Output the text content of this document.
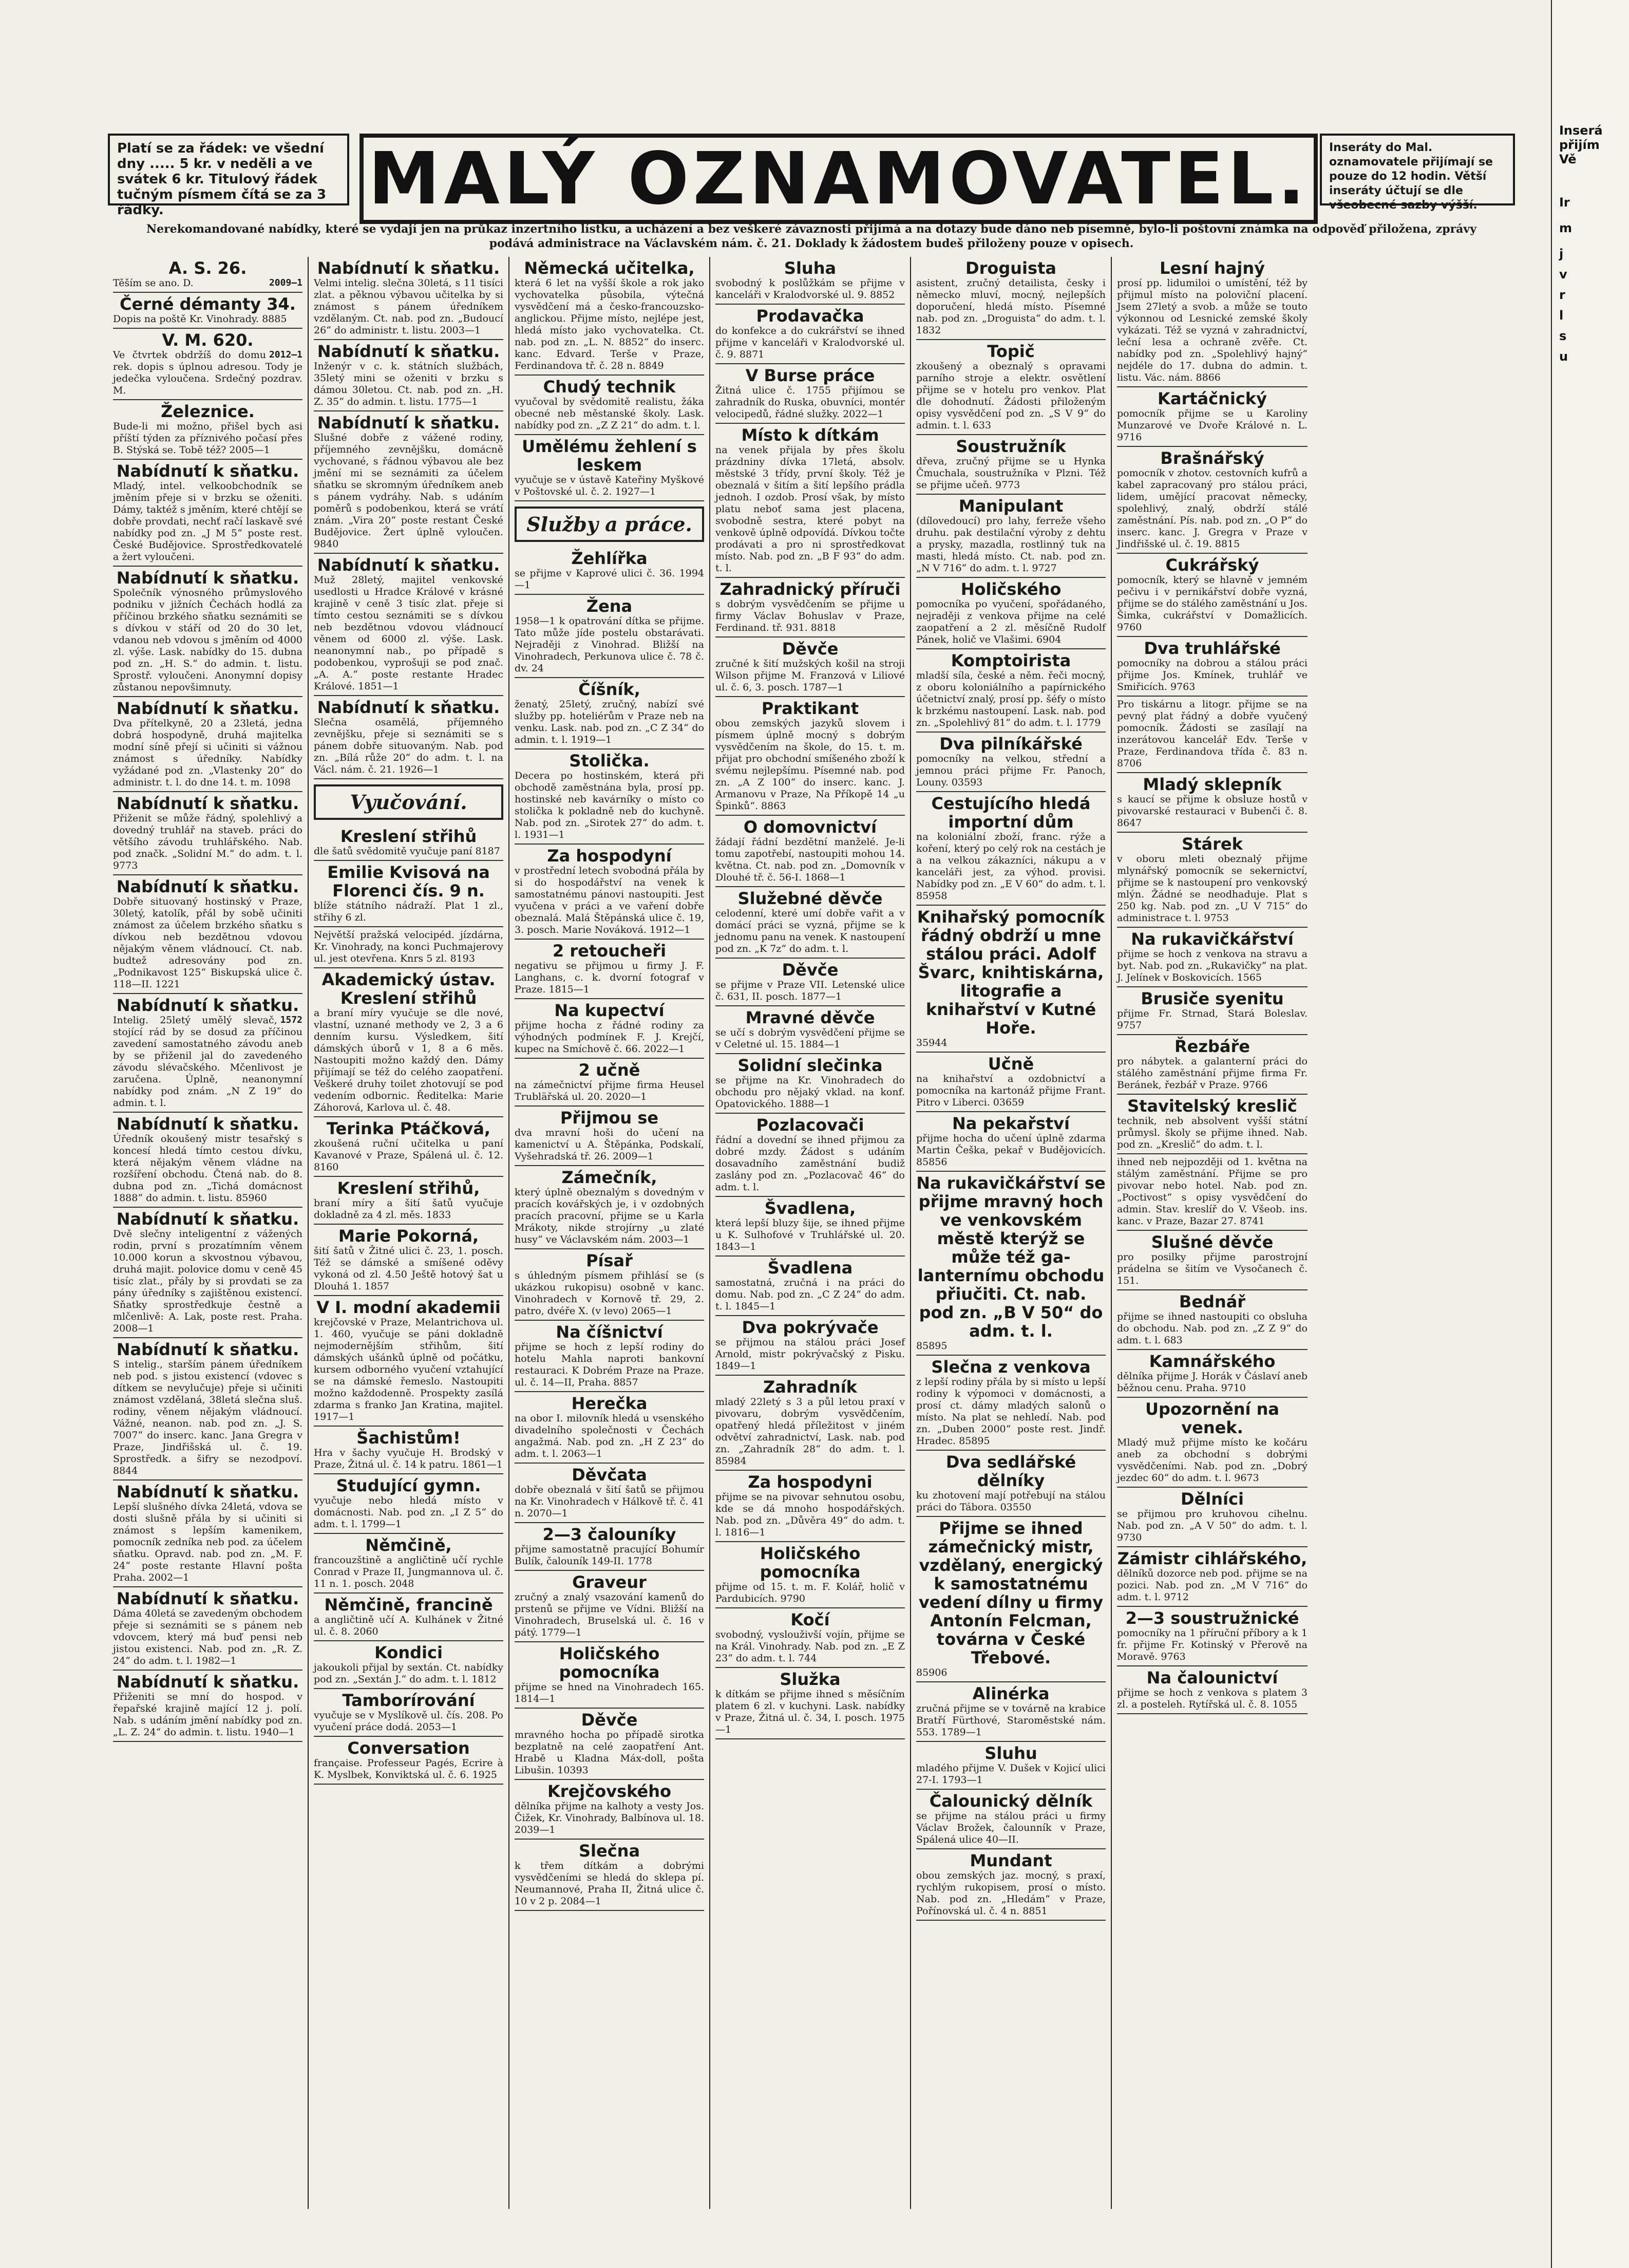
Inserá
přijím
Vě
Ir
m
j
v
r
l
s
u
Platí se za řádek: ve všední dny ..... 5 kr. v neděli a ve svátek 6 kr. Titulový řádek tučným písmem čítá se za 3 řádky.	MALÝ OZNAMOVATEL.	Inseráty do Mal. oznamovatele přijímají se pouze do 12 hodin. Větší inseráty účtují se dle všeobecné sazby výšší.
Nerekomandované nabídky, které se vydají jen na průkaz inzertního lístku, a ucházení a bez veškeré závaznosti přijímá a na dotazy bude dáno neb písemně, bylo-li poštovní známka na odpověď přiložena, zprávy podává administrace na Václavském nám. č. 21. Doklady k žádostem budeš přiloženy pouze v opisech.
A. S. 26.
2009—1

Těším se ano. D.

Černé démanty 34.

Dopis na poště Kr. Vinohrady. 8885

V. M. 620.
2012—1

Ve čtvrtek obdržíš do domu rek. dopis s úplnou adresou. Tody je jedečka vyloučena. Srdečný pozdrav. M.

Železnice.

Bude-li mi možno, přišel bych asi příští týden za příznivého počasí přes B. Stýská se. Tobě též? 2005—1

Nabídnutí k sňatku.

Mladý, intel. velkoobchodník se jměním přeje si v brzku se oženiti. Dámy, taktéž s jměním, které chtějí se dobře provdati, nechť račí laskavě své nabídky pod zn. „J M 5“ poste rest. České Budějovice. Sprostředkovatelé a žert vyloučeni.

Nabídnutí k sňatku.

Společník výnosného průmyslového podniku v jižních Čechách hodlá za příčinou brzkého sňatku seznámiti se s dívkou v stáří od 20 do 30 let, vdanou neb vdovou s jměním od 4000 zl. výše. Lask. nabídky do 15. dubna pod zn. „H. S.“ do admin. t. listu. Sprostř. vyloučeni. Anonymní dopisy zůstanou nepovšimnuty.

Nabídnutí k sňatku.

Dva přítelkyně, 20 a 23letá, jedna dobrá hospodyně, druhá majitelka modní síně přejí si učiniti si vážnou známost s úředníky. Nabídky vyžádané pod zn. „Vlastenky 20“ do administr. t. l. do dne 14. t. m. 1098

Nabídnutí k sňatku.

Přiženit se může řádný, spolehlivý a dovedný truhlář na staveb. práci do většího závodu truhlářského. Nab. pod značk. „Solidní M.“ do adm. t. l. 9773

Nabídnutí k sňatku.

Dobře situovaný hostinský v Praze, 30letý, katolík, přál by sobě učiniti známost za účelem brzkého sňatku s dívkou neb bezdětnou vdovou nějakým věnem vládnoucí. Ct. nab. budtež adresovány pod zn. „Podnikavost 125“ Biskupská ulice č. 118—II. 1221

Nabídnutí k sňatku.
1572

Intelig. 25letý umělý slevač, stojící rád by se dosud za příčinou zavedení samostatného závodu aneb by se přiženil jal do zavedeného závodu slévačského. Mčenlivost je zaručena. Úplně, neanonymní nabídky pod znám. „N Z 19“ do admin. t. l.

Nabídnutí k sňatku.

Úředník okoušený mistr tesařský s koncesí hledá tímto cestou dívku, která nějakým věnem vládne na rozšíření obchodu. Čtená nab. do 8. dubna pod zn. „Tichá domácnost 1888“ do admin. t. listu. 85960

Nabídnutí k sňatku.

Dvě slečny inteligentní z vážených rodin, první s prozatímním věnem 10.000 korun a skvostnou výbavou, druhá majit. polovice domu v ceně 45 tisíc zlat., přály by si provdati se za pány úředníky s zajištěnou existencí. Sňatky sprostředkuje čestně a mlčenlivě: A. Lak, poste rest. Praha. 2008—1

Nabídnutí k sňatku.

S intelig., starším pánem úředníkem neb pod. s jistou existencí (vdovec s dítkem se nevylučuje) přeje si učiniti známost vzdělaná, 38letá slečna sluš. rodiny, věnem nějakým vládnoucí. Vážné, neanon. nab. pod zn. „J. S. 7007“ do inserc. kanc. Jana Gregra v Praze, Jindřišská ul. č. 19. Sprostředk. a šifry se nezodpoví. 8844

Nabídnutí k sňatku.

Lepší slušného dívka 24letá, vdova se dosti slušně přála by si učiniti si známost s lepším kamenikem, pomocník zedníka neb pod. za účelem sňatku. Opravd. nab. pod zn. „M. F. 24“ poste restante Hlavní pošta Praha. 2002—1

Nabídnutí k sňatku.

Dáma 40letá se zavedeným obchodem přeje si seznámiti se s pánem neb vdovcem, který má buď pensi neb jistou existenci. Nab. pod zn. „R. Z. 24“ do adm. t. l. 1982—1

Nabídnutí k sňatku.

Přiženiti se mní do hospod. v řepařské krajině mající 12 j. polí. Nab. s udáním jmění nabídky pod zn. „L. Z. 24“ do admin. t. listu. 1940—1

Nabídnutí k sňatku.

Velmi intelig. slečna 30letá, s 11 tisíci zlat. a pěknou výbavou učitelka by si známost s pánem úředníkem vzdělaným. Ct. nab. pod zn. „Budoucí 26“ do administr. t. listu. 2003—1

Nabídnutí k sňatku.

Inženýr v c. k. státních službách, 35letý mini se oženiti v brzku s dámou 30letou. Ct. nab. pod zn. „H. Z. 35“ do admin. t. listu. 1775—1

Nabídnutí k sňatku.

Slušné dobře z vážené rodiny, příjemného zevnějšku, domácně vychované, s řádnou výbavou ale bez jmění mi se seznámiti za účelem sňatku se skromným úředníkem aneb s pánem vydráhy. Nab. s udáním poměrů s podobenkou, která se vrátí znám. „Vira 20“ poste restant České Budějovice. Žert úplně vyloučen. 9840

Nabídnutí k sňatku.

Muž 28letý, majitel venkovské usedlosti u Hradce Králové v krásné krajině v ceně 3 tisíc zlat. přeje si tímto cestou seznámiti se s dívkou neb bezdětnou vdovou vládnoucí věnem od 6000 zl. výše. Lask. neanonymní nab., po případě s podobenkou, vyprošuji se pod znač. „A. A.“ poste restante Hradec Králové. 1851—1

Nabídnutí k sňatku.

Slečna osamělá, příjemného zevnějšku, přeje si seznámiti se s pánem dobře situovaným. Nab. pod zn. „Bílá růže 20“ do adm. t. l. na Václ. nám. č. 21. 1926—1

Vyučování.
Kreslení střihů

dle šatů svědomitě vyučuje paní 8187

Emilie Kvisová na Florenci čís. 9 n.

blíže státního nádraží. Plat 1 zl., střihy 6 zl.

Největší pražská velocipéd. jízdárna, Kr. Vinohrady, na konci Puchmajerovy ul. jest otevřena. Knrs 5 zl. 8193

Akademický ústav. Kreslení střihů

a braní míry vyučuje se dle nové, vlastní, uznané methody ve 2, 3 a 6 denním kursu. Výsledkem, šití dámských úborů v 1, 8 a 6 měs. Nastoupiti možno každý den. Dámy přijímají se též do celého zaopatření. Veškeré druhy toilet zhotovují se pod vedením odbornic. Ředitelka: Marie Záhorová, Karlova ul. č. 48.

Terinka Ptáčková,

zkoušená ruční učitelka u paní Kavanové v Praze, Spálená ul. č. 12. 8160

Kreslení střihů,

braní míry a šití šatů vyučuje dokladně za 4 zl. měs. 1833

Marie Pokorná,

šití šatů v Žitné ulici č. 23, 1. posch. Též se dámské a smíšené oděvy vykoná od zl. 4.50 Ještě hotový šat u Dlouhá 1. 1857

V I. modní akademii

krejčovské v Praze, Melantrichova ul. 1. 460, vyučuje se páni dokladně nejmodernějším střihům, šití dámských ušánků úplně od počátku, kursem odborného vyučení vztahující se na dámské řemeslo. Nastoupiti možno každodenně. Prospekty zasílá zdarma s franko Jan Kratina, majitel. 1917—1

Šachistům!

Hra v šachy vyučuje H. Brodský v Praze, Žitná ul. č. 14 k patru. 1861—1

Studující gymn.

vyučuje nebo hledá místo v domácnosti. Nab. pod zn. „I Z 5“ do adm. t. l. 1799—1

Němčině,

francouzštině a angličtině učí rychle Conrad v Praze II, Jungmannova ul. č. 11 n. 1. posch. 2048

Němčině, francině

a angličtině učí A. Kulhánek v Žitné ul. č. 8. 2060

Kondici

jakoukoli přijal by sextán. Ct. nabídky pod zn. „Sextán J.“ do adm. t. l. 1812

Tamborírování

vyučuje se v Myslíkově ul. čís. 208. Po vyučení práce dodá. 2053—1

Conversation

française. Professeur Pagés, Ecrire à K. Myslbek, Konviktská ul. č. 6. 1925

Německá učitelka,

která 6 let na vyšší škole a rok jako vychovatelka působila, výtečná vysvědčení má a česko-francouzsko-anglickou. Přijme místo, nejlépe jest, hledá místo jako vychovatelka. Ct. nab. pod zn. „L. N. 8852“ do inserc. kanc. Edvard. Terše v Praze, Ferdinandova tř. č. 28 n. 8849

Chudý technik

vyučoval by svědomitě realistu, žáka obecné neb městanské školy. Lask. nabídky pod zn. „Z Z 21“ do adm. t. l.

Umělému žehlení s leskem

vyučuje se v ústavě Kateřiny Myškové v Poštovské ul. č. 2. 1927—1

Služby a práce.
Žehlířka

se přijme v Kaprové ulici č. 36. 1994—1

Žena

1958—1 k opatrování dítka se přijme. Tato může jíde postelu obstarávati. Nejraději z Vinohrad. Bližší na Vinohradech, Perkunova ulice č. 78 č. dv. 24

Číšník,

ženatý, 25letý, zručný, nabízí své služby pp. hoteliérům v Praze neb na venku. Lask. nab. pod zn. „C Z 34“ do admin. t. l. 1919—1

Stolička.

Decera po hostinském, která při obchodě zaměstnána byla, prosí pp. hostinské neb kavárníky o místo co stolička k pokladně neb do kuchyně. Nab. pod zn. „Sirotek 27“ do adm. t. l. 1931—1

Za hospodyní

v prostřední letech svobodná přála by si do hospodářství na venek k samostatnému pánovi nastoupiti. Jest vyučena v práci a ve vaření dobře obeznalá. Malá Štěpánská ulice č. 19, 3. posch. Marie Nováková. 1912—1

2 retoucheři

negativu se přijmou u firmy J. F. Langhans, c. k. dvorní fotograf v Praze. 1815—1

Na kupectví

přijme hocha z řádné rodiny za výhodných podmínek F. J. Krejčí, kupec na Smíchově č. 66. 2022—1

2 učně

na zámečnictví přijme firma Heusel Trubläřská ul. 20. 2020—1

Přijmou se

dva mravní hoši do učení na kamenictví u A. Štěpánka, Podskalí, Vyšehradská tř. 26. 2009—1

Zámečník,

který úplně obeznalým s dovedným v pracích kovářských je, i v ozdobných pracích pracovní, přijme se u Karla Mrákoty, nikde strojírny „u zlaté husy“ ve Václavském nám. 2003—1

Písař

s úhledným písmem přihlásí se (s ukázkou rukopisu) osobně v kanc. Vinohradech v Kornově tř. 29, 2. patro, dvéře X. (v levo) 2065—1

Na číšnictví

přijme se hoch z lepší rodiny do hotelu Mahla naproti bankovní restauraci. K Dobrém Praze na Praze. ul. č. 14—II, Praha. 8857

Herečka

na obor I. milovník hledá u vsenského divadelního společnosti v Čechách angažmá. Nab. pod zn. „H Z 23“ do adm. t. l. 2063—1

Děvčata

dobře obeznalá v šití šatů se přijmou na Kr. Vinohradech v Hálkově tř. č. 41 n. 2070—1

2—3 čalouníky

přijme samostatně pracující Bohumír Bulík, čalouník 149-II. 1778

Graveur

zručný a znalý vsazování kamenů do prstenů se přijme ve Vídni. Bližší na Vinohradech, Bruselská ul. č. 16 v pátý. 1779—1

Holičského pomocníka

přijme se hned na Vinohradech 165. 1814—1

Děvče

mravného hocha po případě sirotka bezplatně na celé zaopatření Ant. Hrabě u Kladna Máx-doll, pošta Libušin. 10393

Krejčovského

dělníka přijme na kalhoty a vesty Jos. Čižek, Kr. Vinohrady, Balbínova ul. 18. 2039—1

Slečna

k třem dítkám a dobrými vysvědčeními se hledá do sklepa pí. Neumannové, Praha II, Žitná ulice č. 10 v 2 p. 2084—1

Sluha

svobodný k poslůžkám se přijme v kanceláři v Kralodvorské ul. 9. 8852

Prodavačka

do konfekce a do cukrářství se ihned přijme v kanceláři v Kralodvorské ul. č. 9. 8871

V Burse práce

Žitná ulice č. 1755 přijímou se zahradník do Ruska, obuvníci, montér velocipedů, řádné služky. 2022—1

Místo k dítkám

na venek přijala by přes školu prázdniny dívka 17letá, absolv. městské 3 třídy, první školy. Též je obeznalá v šitím a šití lepšího prádla jednoh. I ozdob. Prosí však, by místo platu neboť sama jest placena, svobodně sestra, které pobyt na venkově úplně odpovídá. Dívkou točte prodávati a pro ni sprostředkovat místo. Nab. pod zn. „B F 93“ do adm. t. l.

Zahradnický příruči

s dobrým vysvědčením se přijme u firmy Václav Bohuslav v Praze, Ferdinand. tř. 931. 8818

Děvče

zručné k šití mužských košil na stroji Wilson přijme M. Franzová v Liliové ul. č. 6, 3. posch. 1787—1

Praktikant

obou zemských jazyků slovem i písmem úplně mocný s dobrým vysvědčením na škole, do 15. t. m. přijat pro obchodní smíšeného zboží k svému nejlepšímu. Písemné nab. pod zn. „A Z 100“ do inserc. kanc. J. Armanovu v Praze, Na Příkopě 14 „u Špinků“. 8863

O domovnictví

žádají řádní bezdětní manželé. Je-li tomu zapotřebí, nastoupiti mohou 14. května. Ct. nab. pod zn. „Domovník v Dlouhé tř. č. 56-I. 1868—1

Služebné děvče

celodenní, které umí dobře vařit a v domácí práci se vyzná, přijme se k jednomu panu na venek. K nastoupení pod zn. „K 7z“ do adm. t. l.

Děvče

se přijme v Praze VII. Letenské ulice č. 631, II. posch. 1877—1

Mravné děvče

se učí s dobrým vysvědčení přijme se v Celetné ul. 15. 1884—1

Solidní slečinka

se přijme na Kr. Vinohradech do obchodu pro nějaký vklad. na konf. Opatovického. 1888—1

Pozlacovači

řádní a dovední se ihned přijmou za dobré mzdy. Žádost s udáním dosavadního zaměstnání budiž zaslány pod zn. „Pozlacovač 46“ do adm. t. l.

Švadlena,

která lepší bluzy šije, se ihned přijme u K. Sulhofové v Truhlářské ul. 20. 1843—1

Švadlena

samostatná, zručná i na práci do domu. Nab. pod zn. „C Z 24“ do adm. t. l. 1845—1

Dva pokrývače

se přijmou na stálou práci Josef Arnold, mistr pokrývačský z Pisku. 1849—1

Zahradník

mladý 22letý s 3 a půl letou praxí v pivovaru, dobrým vysvědčením, opatřený hledá příležitost v jiném odvětví zahradnictví, Lask. nab. pod zn. „Zahradník 28“ do adm. t. l. 85984

Za hospodyni

přijme se na pivovar sehnutou osobu, kde se dá mnoho hospodářských. Nab. pod zn. „Důvěra 49“ do adm. t. l. 1816—1

Holičského pomocníka

přijme od 15. t. m. F. Kolář, holič v Pardubicích. 9790

Kočí

svobodný, vyslouživší vojín, přijme se na Král. Vinohrady. Nab. pod zn. „E Z 23“ do adm. t. l. 744

Služka

k dítkám se přijme ihned s měsíčním platem 6 zl. v kuchyni. Lask. nabídky v Praze, Žitná ul. č. 34, I. posch. 1975—1

Droguista

asistent, zručný detailista, česky i německo mluví, mocný, nejlepších doporučení, hledá místo. Písemné nab. pod zn. „Droguista“ do adm. t. l. 1832

Topič

zkoušený a obeznalý s opravami parního stroje a elektr. osvětlení přijme se v hotelu pro venkov. Plat dle dohodnutí. Žádosti přiloženým opisy vysvědčení pod zn. „S V 9“ do admin. t. l. 633

Soustružník

dřeva, zručný přijme se u Hynka Čmuchala, soustružníka v Plzni. Též se přijme učeň. 9773

Manipulant

(dílovedoucí) pro lahy, ferreže všeho druhu. pak destilační výroby z dehtu a prysky, mazadla, rostlinný tuk na masti, hledá místo. Ct. nab. pod zn. „N V 716“ do adm. t. l. 9727

Holičského

pomocníka po vyučení, spořádaného, nejraději z venkova přijme na celé zaopatření a 2 zl. měsíčně Rudolf Pánek, holič ve Vlašimi. 6904

Komptoirista

mladší síla, české a něm. řeči mocný, z oboru koloniálního a papírnického účetnictví znalý, prosí pp. šéfy o místo k brzkému nastoupení. Lask. nab. pod zn. „Spolehlivý 81“ do adm. t. l. 1779

Dva pilníkářské

pomocníky na velkou, střední a jemnou práci přijme Fr. Panoch, Louny. 03593

Cestujícího hledá importní dům

na koloniální zboží, franc. rýže a koření, který po celý rok na cestách je a na velkou zákazníci, nákupu a v kanceláři jest, za výhod. provisi. Nabídky pod zn. „E V 60“ do adm. t. l. 85958

Knihařský pomocník řádný obdrží u mne stálou práci. Adolf Švarc, knihtiskárna, litografie a knihařství v Kutné Hoře.

35944

Učně

na knihařství a ozdobnictví a pomocníka na kartonáž přijme Frant. Pitro v Liberci. 03659

Na pekařství

přijme hocha do učení úplně zdarma Martin Češka, pekař v Budějovicích. 85856

Na rukavičkářství se přijme mravný hoch ve venkovském městě kterýž se může též ga-lanternímu obchodu přiučiti. Ct. nab. pod zn. „B V 50“ do adm. t. l.

85895

Slečna z venkova

z lepší rodiny přála by si místo u lepší rodiny k výpomoci v domácnosti, a prosí ct. dámy mladých salonů o místo. Na plat se nehledí. Nab. pod zn. „Duben 2000“ poste rest. Jindř. Hradec. 85895

Dva sedlářské dělníky

ku zhotovení mají potřebují na stálou práci do Tábora. 03550

Přijme se ihned zámečnický mistr, vzdělaný, energický k samostatnému vedení dílny u firmy Antonín Felcman, továrna v České Třebové.

85906

Alinérka

zručná přijme se v továrně na krabice Bratří Fürthové, Staroměstské nám. 553. 1789—1

Sluhu

mladého přijme V. Dušek v Kojicí ulici 27-I. 1793—1

Čalounický dělník

se přijme na stálou práci u firmy Václav Brožek, čalounník v Praze, Spálená ulice 40—II.

Mundant

obou zemských jaz. mocný, s praxí, rychlým rukopisem, prosí o místo. Nab. pod zn. „Hledám“ v Praze, Pořínovská ul. č. 4 n. 8851

Lesní hajný

prosí pp. lidumiloi o umístění, též by přijmul místo na poloviční placení. Jsem 27letý a svob. a může se touto výkonnou od Lesnické zemské školy vykázati. Též se vyzná v zahradnictví, leční lesa a ochraně zvěře. Ct. nabídky pod zn. „Spolehlivý hajný“ nejdéle do 17. dubna do admin. t. listu. Vác. nám. 8866

Kartáčnický

pomocník přijme se u Karoliny Munzarové ve Dvoře Králové n. L. 9716

Brašnářský

pomocník v zhotov. cestovních kufrů a kabel zapracovaný pro stálou práci, lidem, umějící pracovat německy, spolehlivý, znalý, obdrží stálé zaměstnání. Pís. nab. pod zn. „O P“ do inserc. kanc. J. Gregra v Praze v Jindřišské ul. č. 19. 8815

Cukrářský

pomocník, který se hlavně v jemném pečivu i v pernikářství dobře vyzná, přijme se do stálého zaměstnání u Jos. Šimka, cukrářství v Domažlicích. 9760

Dva truhlářské

pomocníky na dobrou a stálou práci přijme Jos. Kmínek, truhlář ve Smiřicích. 9763

Pro tiskárnu a litogr. přijme se na pevný plat řádný a dobře vyučený pomocník. Žádosti se zasílají na inzerátovou kancelář Edv. Terše v Praze, Ferdinandova třída č. 83 n. 8706

Mladý sklepník

s kaucí se přijme k obsluze hostů v pivovarské restauraci v Bubenči č. 8. 8647

Stárek

v oboru mleti obeznalý přijme mlynářský pomocník se sekernictví, přijme se k nastoupení pro venkovský mlýn. Žádné se neodhaduje. Plat s 250 kg. Nab. pod zn. „U V 715“ do administrace t. l. 9753

Na rukavičkářství

přijme se hoch z venkova na stravu a byt. Nab. pod zn. „Rukavičky“ na plat. J. Jelínek v Boskovicích. 1565

Brusiče syenitu

přijme Fr. Strnad, Stará Boleslav. 9757

Řezbáře

pro nábytek. a galanterní práci do stálého zaměstnání přijme firma Fr. Beránek, řezbář v Praze. 9766

Stavitelský kreslič

technik, neb absolvent vyšší státní průmysl. školy se přijme ihned. Nab. pod zn. „Kreslič“ do adm. t. l.

ihned neb nejpozději od 1. května na stálým zaměstnání. Přijme se pro pivovar nebo hotel. Nab. pod zn. „Poctivost“ s opisy vysvědčení do admin. Stav. kreslíř do V. Všeob. ins. kanc. v Praze, Bazar 27. 8741

Slušné děvče

pro posilky přijme parostrojní prádelna se šitím ve Vysočanech č. 151.

Bednář

přijme se ihned nastoupiti co obsluha do obchodu. Nab. pod zn. „Z Z 9“ do adm. t. l. 683

Kamnářského

dělníka přijme J. Horák v Čáslaví aneb běžnou cenu. Praha. 9710

Upozornění na venek.

Mladý muž přijme místo ke kočáru aneb za obchodní s dobrými vysvědčeními. Nab. pod zn. „Dobrý jezdec 60“ do adm. t. l. 9673

Dělníci

se přijmou pro kruhovou cihelnu. Nab. pod zn. „A V 50“ do adm. t. l. 9730

Zámistr cihlářského,

dělníků dozorce neb pod. přijme se na pozici. Nab. pod zn. „M V 716“ do adm. t. l. 9712

2—3 soustružnické

pomocníky na 1 příruční příbory a k 1 fr. přijme Fr. Kotinský v Přerově na Moravě. 9763

Na čalounictví

přijme se hoch z venkova s platem 3 zl. a posteleh. Rytířská ul. č. 8. 1055
